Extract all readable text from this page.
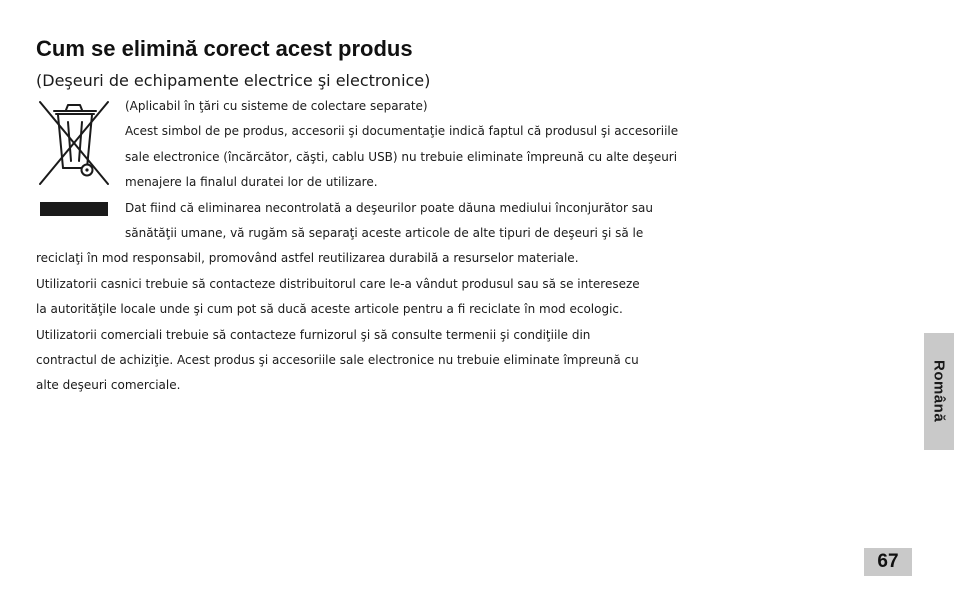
Cum se elimină corect acest produs

(Deşeuri de echipamente electrice şi electronice)

(Aplicabil în ţări cu sisteme de colectare separate)
Acest simbol de pe produs, accesorii şi documentaţie indică faptul că produsul şi accesoriile
sale electronice (încărcător, căşti, cablu USB) nu trebuie eliminate împreună cu alte deşeuri
menajere la finalul duratei lor de utilizare.
Dat fiind că eliminarea necontrolată a deşeurilor poate dăuna mediului înconjurător sau
sănătăţii umane, vă rugăm să separaţi aceste articole de alte tipuri de deşeuri şi să le
reciclaţi în mod responsabil, promovând astfel reutilizarea durabilă a resurselor materiale.
Utilizatorii casnici trebuie să contacteze distribuitorul care le-a vândut produsul sau să se intereseze
la autorităţile locale unde şi cum pot să ducă aceste articole pentru a fi reciclate în mod ecologic.
Utilizatorii comerciali trebuie să contacteze furnizorul şi să consulte termenii şi condiţiile din
contractul de achiziţie. Acest produs şi accesoriile sale electronice nu trebuie eliminate împreună cu
alte deşeuri comerciale.	Română
67
